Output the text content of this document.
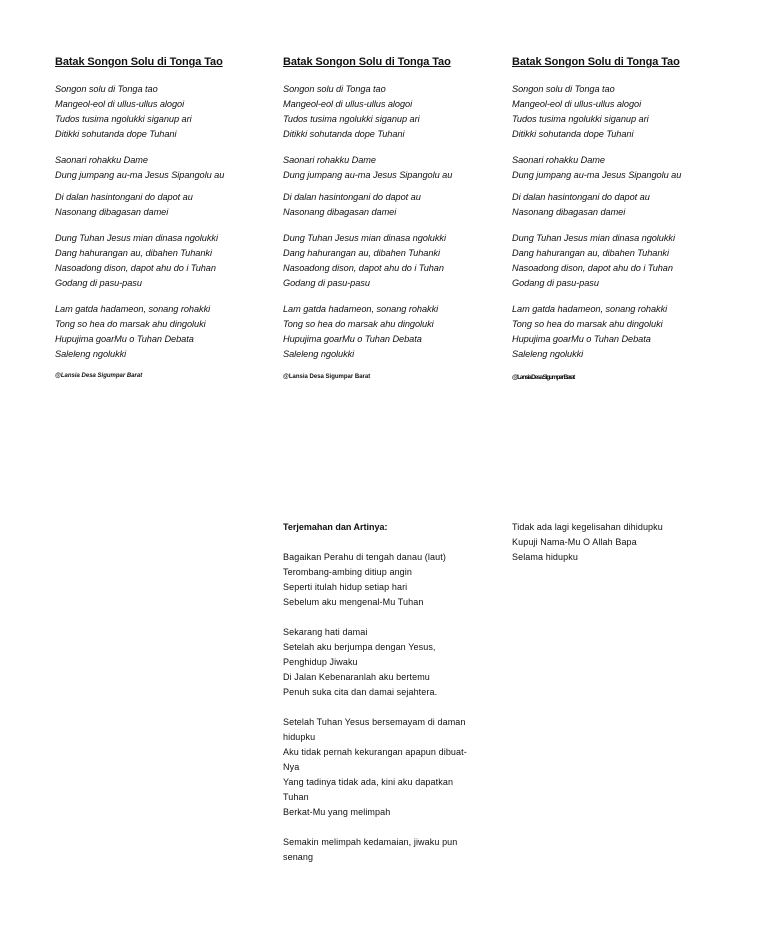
Batak Songon Solu di Tonga Tao
Songon solu di Tonga tao
Mangeol-eol di ullus-ullus alogoi
Tudos tusima ngolukki siganup ari
Ditikki sohutanda dope Tuhani
Saonari rohakku Dame
Dung jumpang au-ma Jesus Sipangolu au
Di dalan hasintongani do dapot au
Nasonang dibagasan damei
Dung Tuhan Jesus mian dinasa ngolukki
Dang hahurangan au, dibahen Tuhanki
Nasoadong dison, dapot ahu do i Tuhan
Godang di pasu-pasu
Lam gatda hadameon, sonang rohakki
Tong so hea do marsak ahu dingoluki
Hupujima goarMu o Tuhan Debata
Saleleng ngolukki
@Lansia Desa Sigumpar Barat
Batak Songon Solu di Tonga Tao
Songon solu di Tonga tao
Mangeol-eol di ullus-ullus alogoi
Tudos tusima ngolukki siganup ari
Ditikki sohutanda dope Tuhani
Saonari rohakku Dame
Dung jumpang au-ma Jesus Sipangolu au
Di dalan hasintongani do dapot au
Nasonang dibagasan damei
Dung Tuhan Jesus mian dinasa ngolukki
Dang hahurangan au, dibahen Tuhanki
Nasoadong dison, dapot ahu do i Tuhan
Godang di pasu-pasu
Lam gatda hadameon, sonang rohakki
Tong so hea do marsak ahu dingoluki
Hupujima goarMu o Tuhan Debata
Saleleng ngolukki
@Lansia Desa Sigumpar Barat
Batak Songon Solu di Tonga Tao
Songon solu di Tonga tao
Mangeol-eol di ullus-ullus alogoi
Tudos tusima ngolukki siganup ari
Ditikki sohutanda dope Tuhani
Saonari rohakku Dame
Dung jumpang au-ma Jesus Sipangolu au
Di dalan hasintongani do dapot au
Nasonang dibagasan damei
Dung Tuhan Jesus mian dinasa ngolukki
Dang hahurangan au, dibahen Tuhanki
Nasoadong dison, dapot ahu do i Tuhan
Godang di pasu-pasu
Lam gatda hadameon, sonang rohakki
Tong so hea do marsak ahu dingoluki
Hupujima goarMu o Tuhan Debata
Saleleng ngolukki
@Lansia Desa Sigumpar Barat
Terjemahan dan Artinya:
Bagaikan Perahu di tengah danau (laut)
Terombang-ambing ditiup angin
Seperti itulah hidup setiap hari
Sebelum aku mengenal-Mu Tuhan
Sekarang hati damai
Setelah aku berjumpa dengan Yesus,
Penghidup Jiwaku
Di Jalan Kebenaranlah aku bertemu
Penuh suka cita dan damai sejahtera.
Setelah Tuhan Yesus bersemayam di daman
hidupku
Aku tidak pernah kekurangan apapun dibuat-
Nya
Yang tadinya tidak ada, kini aku dapatkan
Tuhan
Berkat-Mu yang melimpah
Semakin melimpah kedamaian, jiwaku pun
senang
Tidak ada lagi kegelisahan dihidupku
Kupuji Nama-Mu O Allah Bapa
Selama hidupku
